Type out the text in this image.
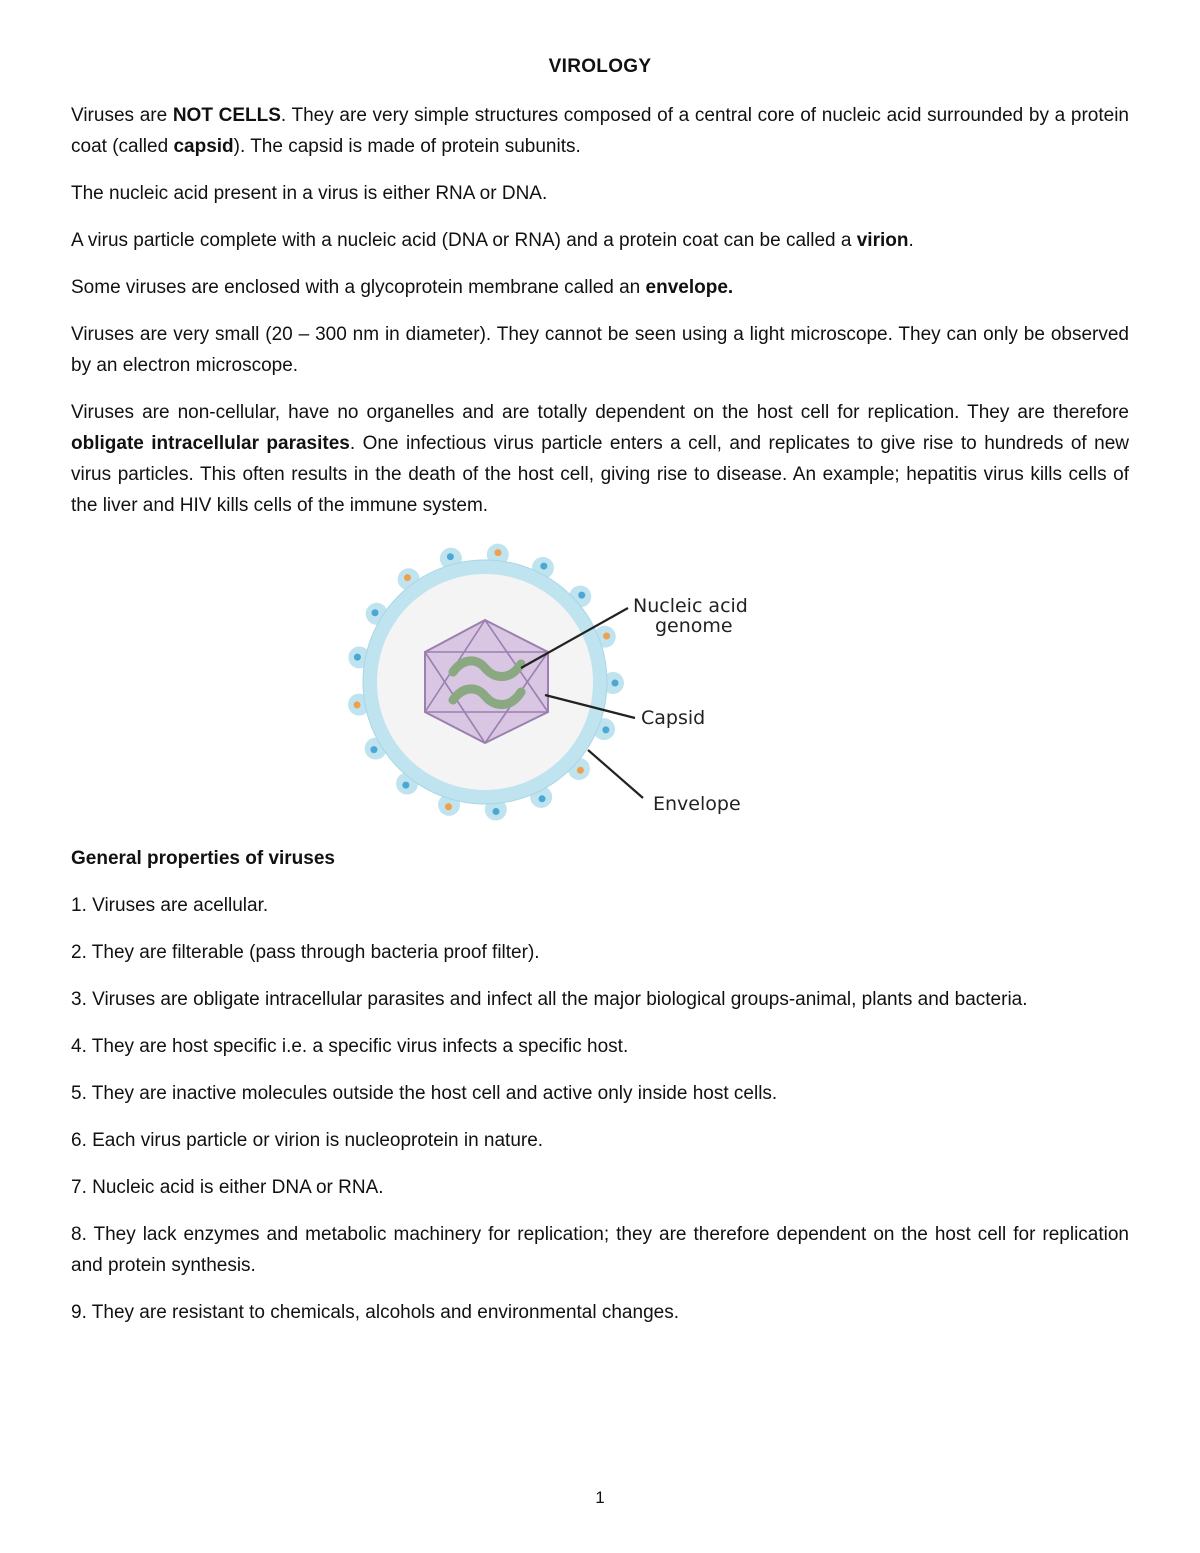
VIROLOGY

Viruses are NOT CELLS. They are very simple structures composed of a central core of nucleic acid surrounded by a protein coat (called capsid). The capsid is made of protein subunits.

The nucleic acid present in a virus is either RNA or DNA.

A virus particle complete with a nucleic acid (DNA or RNA) and a protein coat can be called a virion.

Some viruses are enclosed with a glycoprotein membrane called an envelope.

Viruses are very small (20 – 300 nm in diameter). They cannot be seen using a light microscope. They can only be observed by an electron microscope.

Viruses are non-cellular, have no organelles and are totally dependent on the host cell for replication. They are therefore obligate intracellular parasites. One infectious virus particle enters a cell, and replicates to give rise to hundreds of new virus particles. This often results in the death of the host cell, giving rise to disease. An example; hepatitis virus kills cells of the liver and HIV kills cells of the immune system.

Nucleic acid
genome
Capsid
Envelope
General properties of viruses

1. Viruses are acellular.

2. They are filterable (pass through bacteria proof filter).

3. Viruses are obligate intracellular parasites and infect all the major biological groups-animal, plants and bacteria.

4. They are host specific i.e. a specific virus infects a specific host.

5. They are inactive molecules outside the host cell and active only inside host cells.

6. Each virus particle or virion is nucleoprotein in nature.

7. Nucleic acid is either DNA or RNA.

8. They lack enzymes and metabolic machinery for replication; they are therefore dependent on the host cell for replication and protein synthesis.

9. They are resistant to chemicals, alcohols and environmental changes.

1
